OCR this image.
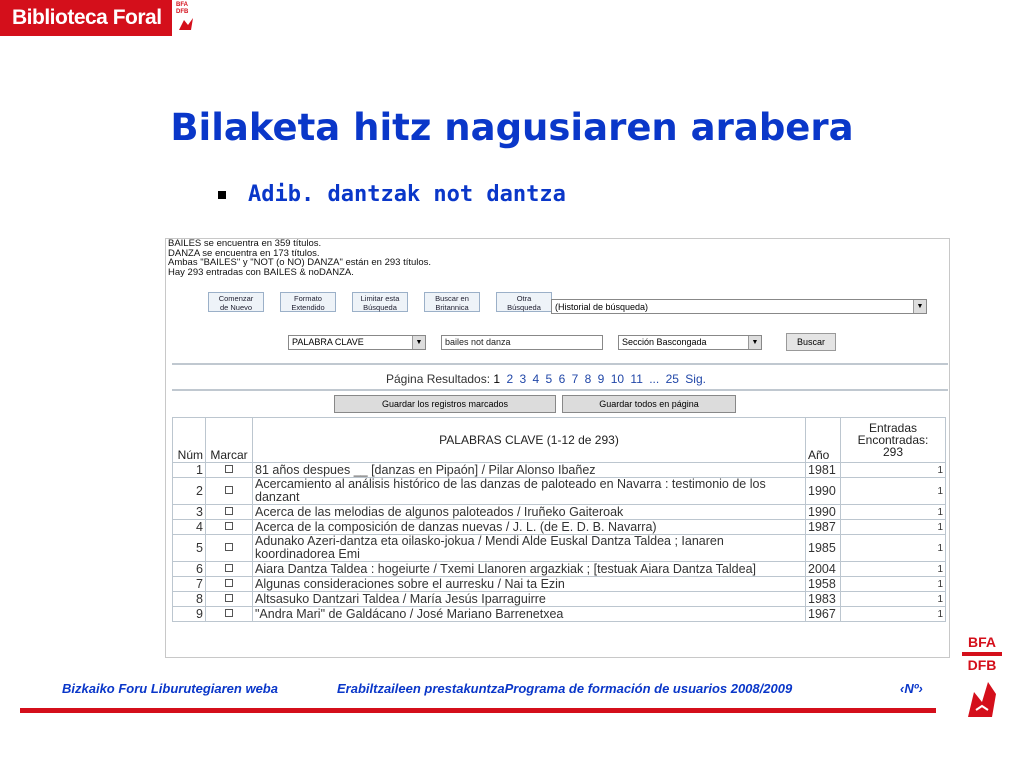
Biblioteca Foral
BFA
DFB
Bilaketa hitz nagusiaren arabera
Adib. dantzak not dantza
BAILES se encuentra en 359 títulos.
DANZA se encuentra en 173 títulos.
Ambas "BAILES" y "NOT (o NO) DANZA" están en 293 títulos.
Hay 293 entradas con BAILES & noDANZA.
Comenzar
de Nuevo
Formato
Extendido
Limitar esta
Búsqueda
Buscar en
Britannica
Otra
Búsqueda	(Historial de búsqueda)	▼
PALABRA CLAVE	▼	bailes not danza	Sección Bascongada	▼	Buscar
Página Resultados: 1 2 3 4 5 6 7 8 9 10 11 ... 25 Sig.
Guardar los registros marcados	Guardar todos en página
Núm	Marcar	PALABRAS CLAVE (1-12 de 293)	Año	Entradas
Encontradas:
293

1		81 años despues __ [danzas en Pipaón] / Pilar Alonso Ibañez	1981	1
2		Acercamiento al análisis histórico de las danzas de paloteado en Navarra : testimonio de los danzant	1990	1
3		Acerca de las melodias de algunos paloteados / Iruñeko Gaiteroak	1990	1
4		Acerca de la composición de danzas nuevas / J. L. (de E. D. B. Navarra)	1987	1
5		Adunako Azeri-dantza eta oilasko-jokua / Mendi Alde Euskal Dantza Taldea ; Ianaren koordinadorea Emi	1985	1
6		Aiara Dantza Taldea : hogeiurte / Txemi Llanoren argazkiak ; [testuak Aiara Dantza Taldea]	2004	1
7		Algunas consideraciones sobre el aurresku / Nai ta Ezin	1958	1
8		Altsasuko Dantzari Taldea / María Jesús Iparraguirre	1983	1
9		"Andra Mari" de Galdácano / José Mariano Barrenetxea	1967	1
Bizkaiko Foru Liburutegiaren weba	Erabiltzaileen prestakuntzaPrograma de formación de usuarios 2008/2009	‹Nº›
BFA
DFB
